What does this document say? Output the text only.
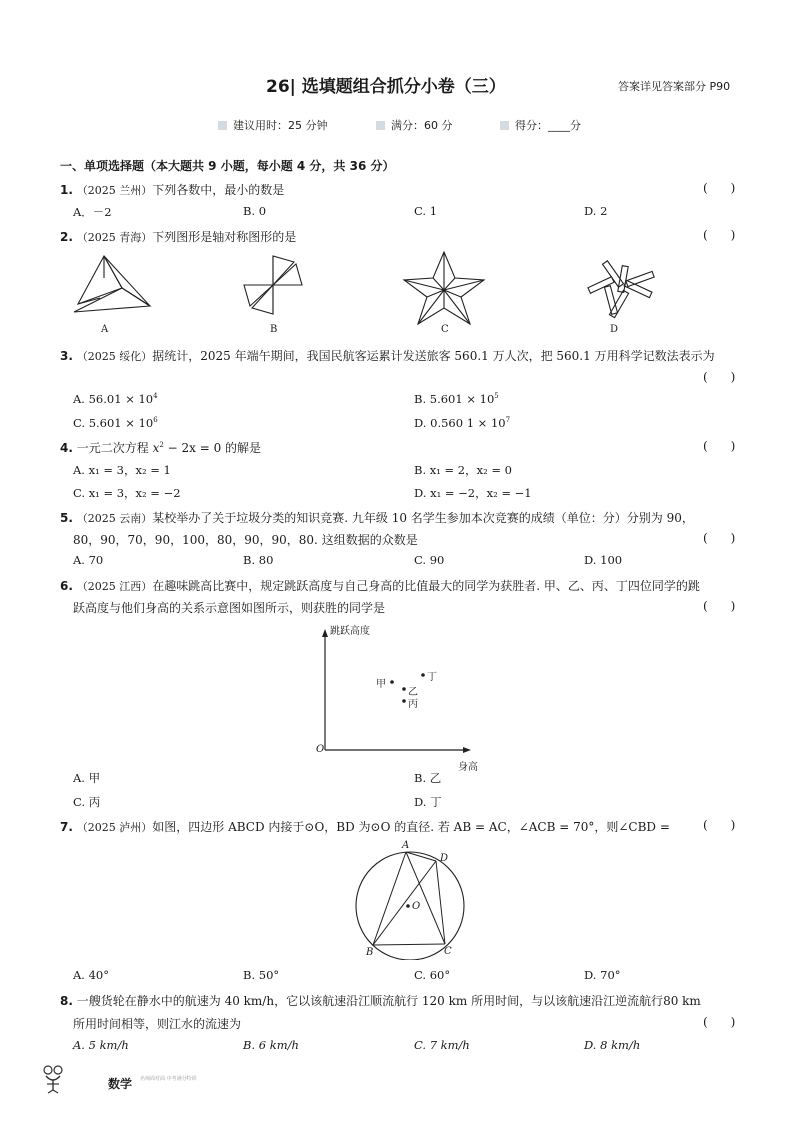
26| 选填题组合抓分小卷（三）	答案详见答案部分 P90
建议用时：25 分钟	满分：60 分	得分：____分
一、单项选择题（本大题共 9 小题，每小题 4 分，共 36 分）
1. （2025 兰州）下列各数中，最小的数是	(      )
A．－2	B. 0	C. 1	D. 2
2. （2025 青海）下列图形是轴对称图形的是	(      )
A	B	C	D
3. （2025 绥化）据统计，2025 年端午期间，我国民航客运累计发送旅客 560.1 万人次，把 560.1 万用科学记数法表示为
(      )
A. $56.01 \times 10^4$	B. $5.601 \times 10^5$
C. $5.601 \times 10^6$	D. 0.560 $1 \times 10^7$
4. 一元二次方程 $x^2 - 2x = 0$ 的解是	(      )
A. x₁ = 3，x₂ = 1	B. x₁ = 2，x₂ = 0
C. x₁ = 3，x₂ = −2	D. x₁ = −2，x₂ = −1
5. （2025 云南）某校举办了关于垃圾分类的知识竞赛. 九年级 10 名学生参加本次竞赛的成绩（单位：分）分别为 90，
80，90，70，90，100，80，90，90，80. 这组数据的众数是	(      )
A. 70	B. 80	C. 90	D. 100
6. （2025 江西）在趣味跳高比赛中，规定跳跃高度与自己身高的比值最大的同学为获胜者. 甲、乙、丙、丁四位同学的跳
跃高度与他们身高的关系示意图如图所示，则获胜的同学是	(      )
跳跃高度
身高
O
甲
丁
乙
丙
A. 甲	B. 乙
C. 丙	D. 丁
7. （2025 泸州）如图，四边形 ABCD 内接于⊙O，BD 为⊙O 的直径. 若 AB = AC，∠ACB = 70°，则∠CBD =	(      )
A
B	C
D
O
A. 40°	B. 50°	C. 60°	D. 70°
8. 一艘货轮在静水中的航速为 40 km/h，它以该航速沿江顺流航行 120 km 所用时间，与以该航速沿江逆流航行80 km
所用时间相等，则江水的流速为	(      )
A. 5 km/h	B. 6 km/h	C. 7 km/h	D. 8 km/h
数学 名师面对面 中考满分特训
